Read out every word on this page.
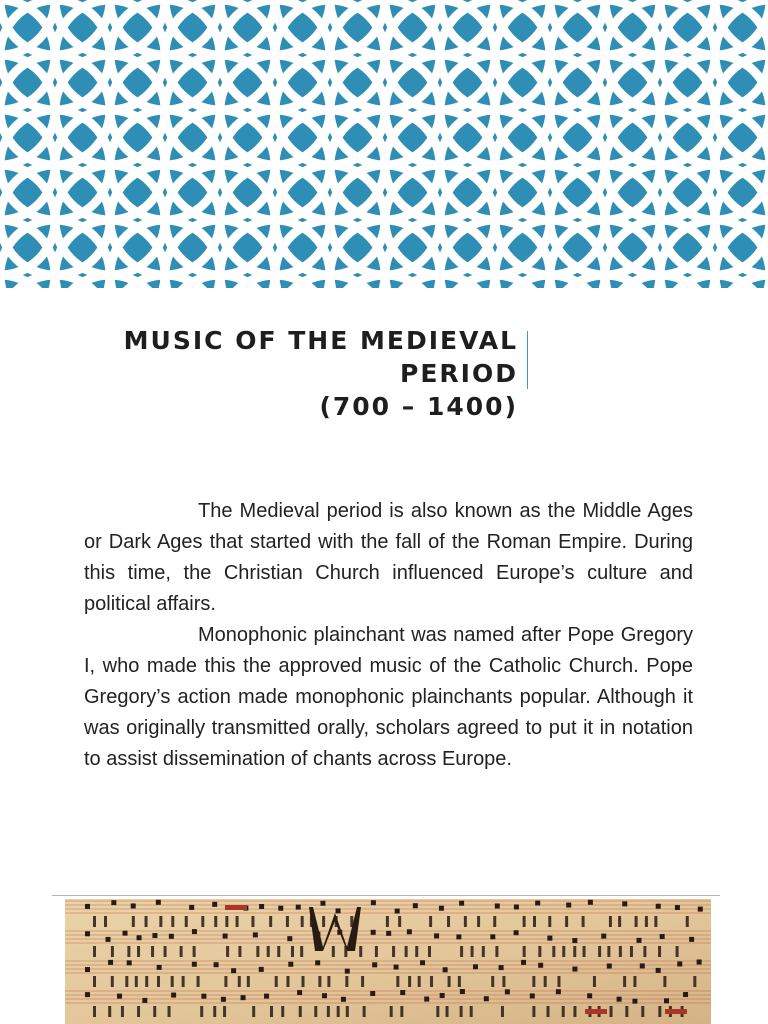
MUSIC OF THE MEDIEVAL PERIOD
(700 – 1400)

The Medieval period is also known as the Middle Ages or Dark Ages that started with the fall of the Roman Empire. During this time, the Christian Church influenced Europe’s culture and political affairs.

Monophonic plainchant was named after Pope Gregory I, who made this the approved music of the Catholic Church. Pope Gregory’s action made monophonic plainchants popular. Although it was originally transmitted orally, scholars agreed to put it in notation to assist dissemination of chants across Europe.
